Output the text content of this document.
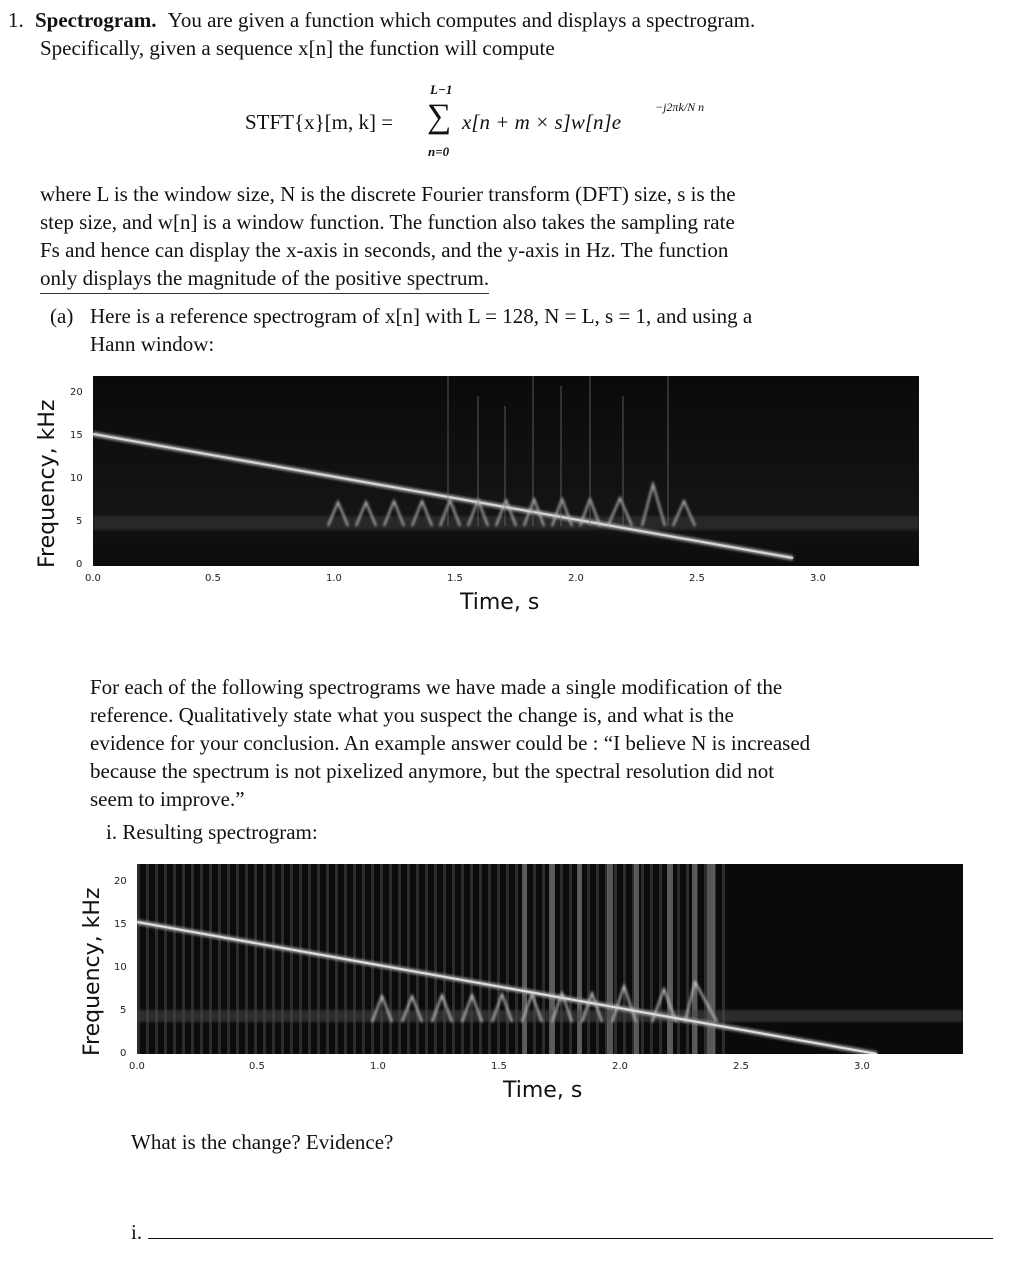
1. Spectrogram. You are given a function which computes and displays a spectrogram.
Specifically, given a sequence x[n] the function will compute
STFT{x}[m, k] =
L−1
∑
n=0
x[n + m × s]w[n]e
−j2πk/N n
where L is the window size, N is the discrete Fourier transform (DFT) size, s is the
step size, and w[n] is a window function. The function also takes the sampling rate
Fs and hence can display the x-axis in seconds, and the y-axis in Hz. The function
only displays the magnitude of the positive spectrum.
(a) Here is a reference spectrogram of x[n] with L = 128, N = L, s = 1, and using a
Hann window:
Frequency, kHz
20
15
10
5
0
0.0	0.5	1.0	1.5	2.0	2.5	3.0
Time, s
For each of the following spectrograms we have made a single modification of the
reference. Qualitatively state what you suspect the change is, and what is the
evidence for your conclusion. An example answer could be : “I believe N is increased
because the spectrum is not pixelized anymore, but the spectral resolution did not
seem to improve.”
i. Resulting spectrogram:
Frequency, kHz
20
15
10
5
0
0.0	0.5	1.0	1.5	2.0	2.5	3.0
Time, s
What is the change? Evidence?
i.
